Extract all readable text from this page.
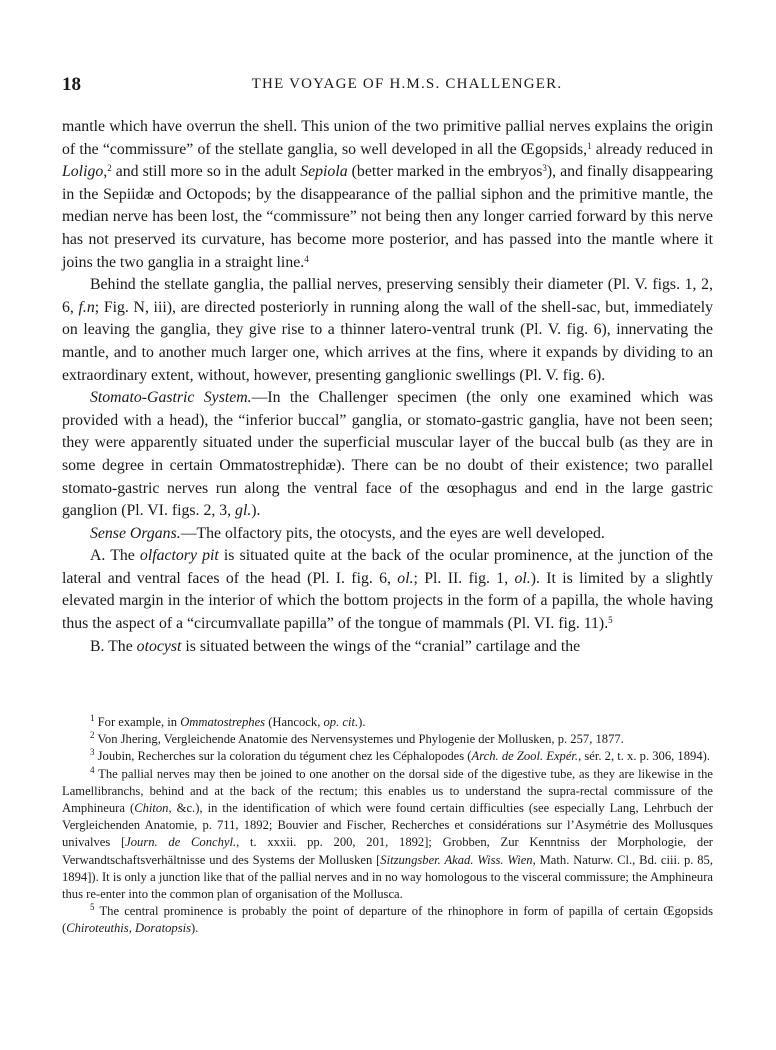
18	THE VOYAGE OF H.M.S. CHALLENGER.

mantle which have overrun the shell. This union of the two primitive pallial nerves explains the origin of the “commissure” of the stellate ganglia, so well developed in all the Œgopsids,$^1$ already reduced in Loligo,$^2$ and still more so in the adult Sepiola (better marked in the embryos$^3$), and finally disappearing in the Sepiidæ and Octopods; by the disappearance of the pallial siphon and the primitive mantle, the median nerve has been lost, the “commissure” not being then any longer carried forward by this nerve has not preserved its curvature, has become more posterior, and has passed into the mantle where it joins the two ganglia in a straight line.$^4$

Behind the stellate ganglia, the pallial nerves, preserving sensibly their diameter (Pl. V. figs. 1, 2, 6, f.n; Fig. N, iii), are directed posteriorly in running along the wall of the shell-sac, but, immediately on leaving the ganglia, they give rise to a thinner latero-ventral trunk (Pl. V. fig. 6), innervating the mantle, and to another much larger one, which arrives at the fins, where it expands by dividing to an extraordinary extent, without, however, presenting ganglionic swellings (Pl. V. fig. 6).

Stomato-Gastric System.—In the Challenger specimen (the only one examined which was provided with a head), the “inferior buccal” ganglia, or stomato-gastric ganglia, have not been seen; they were apparently situated under the superficial muscular layer of the buccal bulb (as they are in some degree in certain Ommatostrephidæ). There can be no doubt of their existence; two parallel stomato-gastric nerves run along the ventral face of the œsophagus and end in the large gastric ganglion (Pl. VI. figs. 2, 3, gl.).

Sense Organs.—The olfactory pits, the otocysts, and the eyes are well developed.

A. The olfactory pit is situated quite at the back of the ocular prominence, at the junction of the lateral and ventral faces of the head (Pl. I. fig. 6, ol.; Pl. II. fig. 1, ol.). It is limited by a slightly elevated margin in the interior of which the bottom projects in the form of a papilla, the whole having thus the aspect of a “circumvallate papilla” of the tongue of mammals (Pl. VI. fig. 11).$^5$

B. The otocyst is situated between the wings of the “cranial” cartilage and the

$^1$ For example, in Ommatostrephes (Hancock, op. cit.).

$^2$ Von Jhering, Vergleichende Anatomie des Nervensystemes und Phylogenie der Mollusken, p. 257, 1877.

$^3$ Joubin, Recherches sur la coloration du tégument chez les Céphalopodes (Arch. de Zool. Expér., sér. 2, t. x. p. 306, 1894).

$^4$ The pallial nerves may then be joined to one another on the dorsal side of the digestive tube, as they are likewise in the Lamellibranchs, behind and at the back of the rectum; this enables us to understand the supra-rectal commissure of the Amphineura (Chiton, &c.), in the identification of which were found certain difficulties (see especially Lang, Lehrbuch der Vergleichenden Anatomie, p. 711, 1892; Bouvier and Fischer, Recherches et considérations sur l’Asymétrie des Mollusques univalves [Journ. de Conchyl., t. xxxii. pp. 200, 201, 1892]; Grobben, Zur Kenntniss der Morphologie, der Verwandtschaftsverhältnisse und des Systems der Mollusken [Sitzungsber. Akad. Wiss. Wien, Math. Naturw. Cl., Bd. ciii. p. 85, 1894]). It is only a junction like that of the pallial nerves and in no way homologous to the visceral commissure; the Amphineura thus re-enter into the common plan of organisation of the Mollusca.

$^5$ The central prominence is probably the point of departure of the rhinophore in form of papilla of certain Œgopsids (Chiroteuthis, Doratopsis).
